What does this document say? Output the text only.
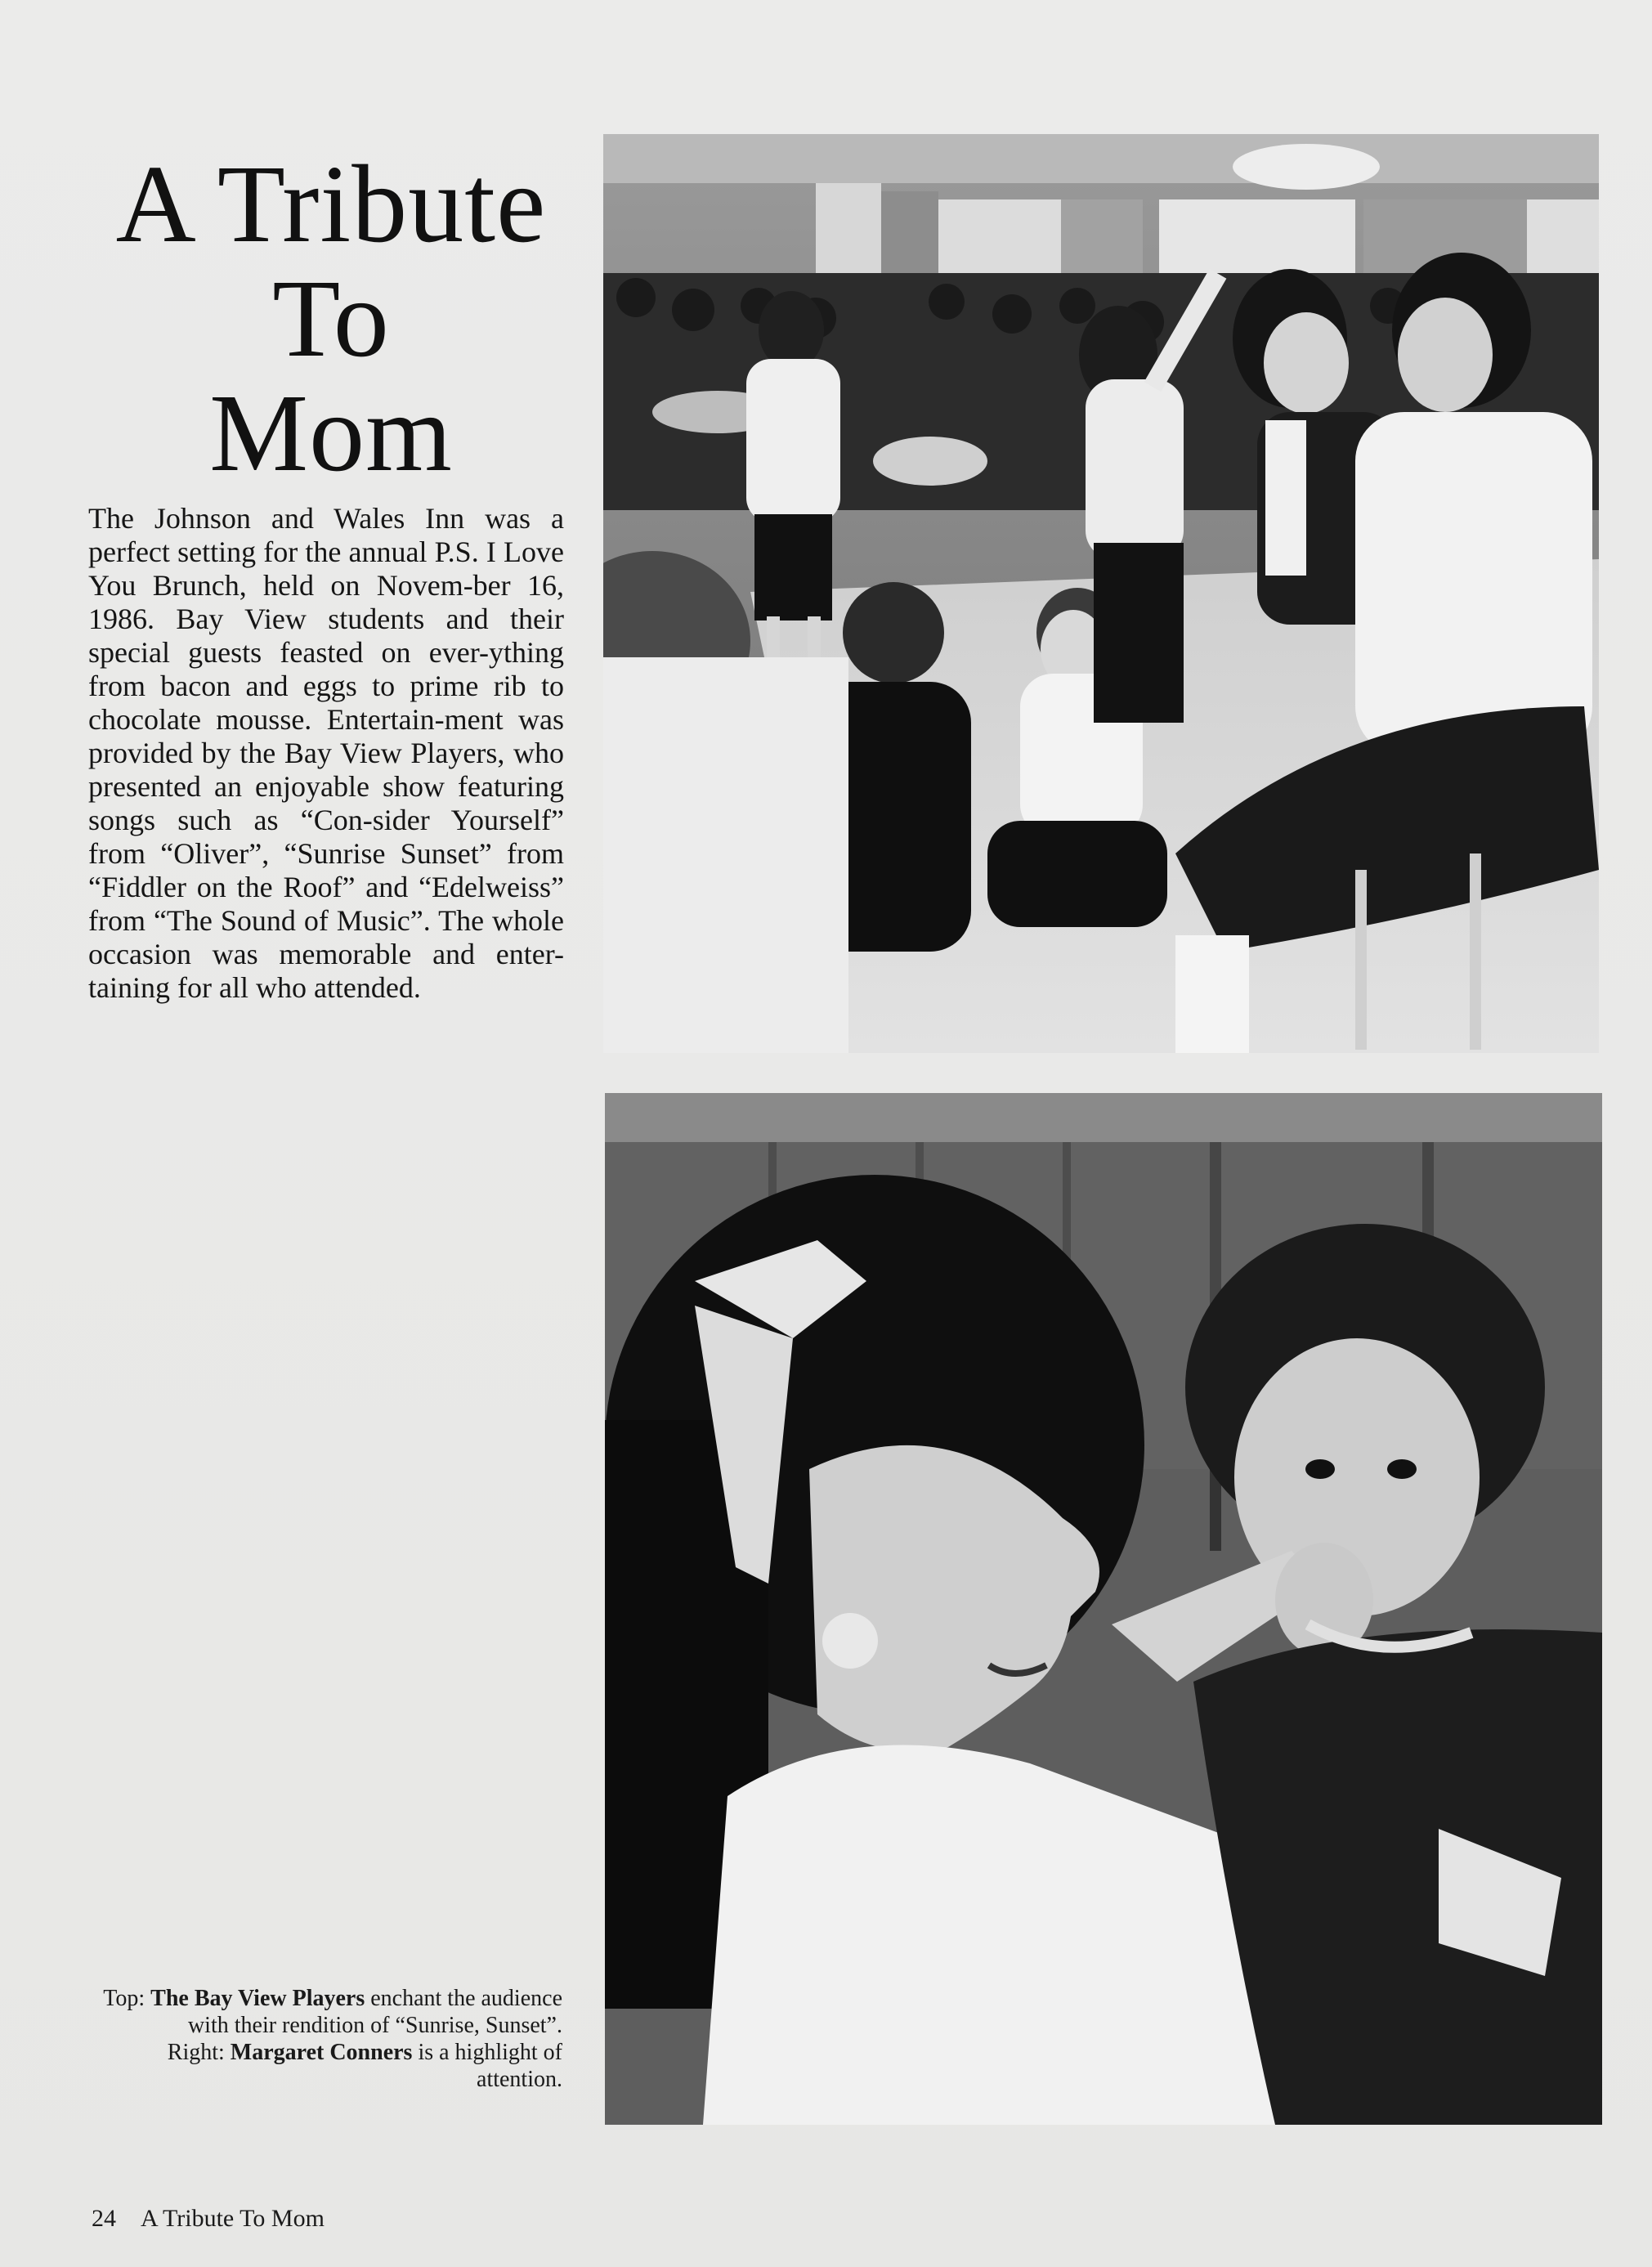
A Tribute
To
Mom

The Johnson and Wales Inn was a perfect setting for the annual P.S. I Love You Brunch, held on Novem-ber 16, 1986. Bay View students and their special guests feasted on ever-ything from bacon and eggs to prime rib to chocolate mousse. Entertain-ment was provided by the Bay View Players, who presented an enjoyable show featuring songs such as “Con-sider Yourself” from “Oliver”, “Sunrise Sunset” from “Fiddler on the Roof” and “Edelweiss” from “The Sound of Music”. The whole occasion was memorable and enter-taining for all who attended.

Top: The Bay View Players enchant the audience with their rendition of “Sunrise, Sunset”.

Right: Margaret Conners is a highlight of attention.

24 A Tribute To Mom
